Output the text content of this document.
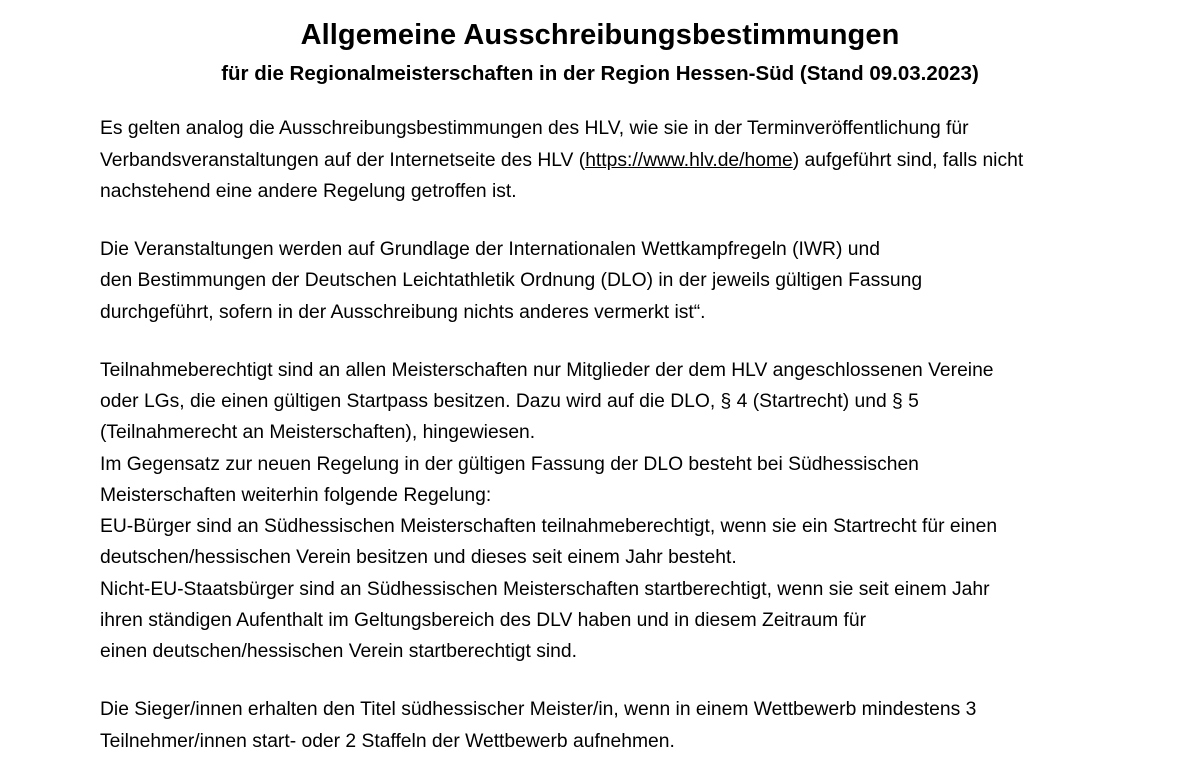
Allgemeine Ausschreibungsbestimmungen
für die Regionalmeisterschaften in der Region Hessen-Süd (Stand 09.03.2023)

Es gelten analog die Ausschreibungsbestimmungen des HLV, wie sie in der Terminveröffentlichung für Verbandsveranstaltungen auf der Internetseite des HLV (https://www.hlv.de/home) aufgeführt sind, falls nicht nachstehend eine andere Regelung getroffen ist.

Die Veranstaltungen werden auf Grundlage der Internationalen Wettkampfregeln (IWR) und
den Bestimmungen der Deutschen Leichtathletik Ordnung (DLO) in der jeweils gültigen Fassung
durchgeführt, sofern in der Ausschreibung nichts anderes vermerkt ist“.

Teilnahmeberechtigt sind an allen Meisterschaften nur Mitglieder der dem HLV angeschlossenen Vereine
oder LGs, die einen gültigen Startpass besitzen. Dazu wird auf die DLO, § 4 (Startrecht) und § 5
(Teilnahmerecht an Meisterschaften), hingewiesen.

Im Gegensatz zur neuen Regelung in der gültigen Fassung der DLO besteht bei Südhessischen
Meisterschaften weiterhin folgende Regelung:

EU-Bürger sind an Südhessischen Meisterschaften teilnahmeberechtigt, wenn sie ein Startrecht für einen
deutschen/hessischen Verein besitzen und dieses seit einem Jahr besteht.

Nicht-EU-Staatsbürger sind an Südhessischen Meisterschaften startberechtigt, wenn sie seit einem Jahr
ihren ständigen Aufenthalt im Geltungsbereich des DLV haben und in diesem Zeitraum für
einen deutschen/hessischen Verein startberechtigt sind.

Die Sieger/innen erhalten den Titel südhessischer Meister/in, wenn in einem Wettbewerb mindestens 3
Teilnehmer/innen start- oder 2 Staffeln der Wettbewerb aufnehmen.
